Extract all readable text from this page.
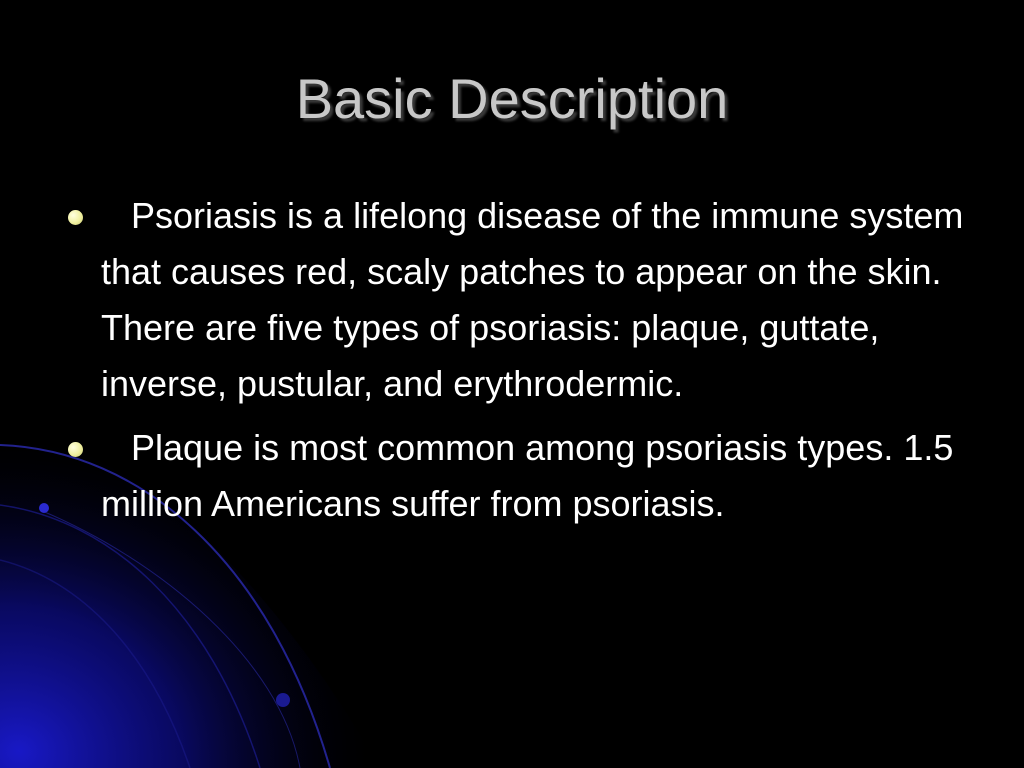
Basic Description
Psoriasis is a lifelong disease of the immune system that causes red, scaly patches to appear on the skin. There are five types of psoriasis: plaque, guttate, inverse, pustular, and erythrodermic.
Plaque is most common among psoriasis types. 1.5 million Americans suffer from psoriasis.
